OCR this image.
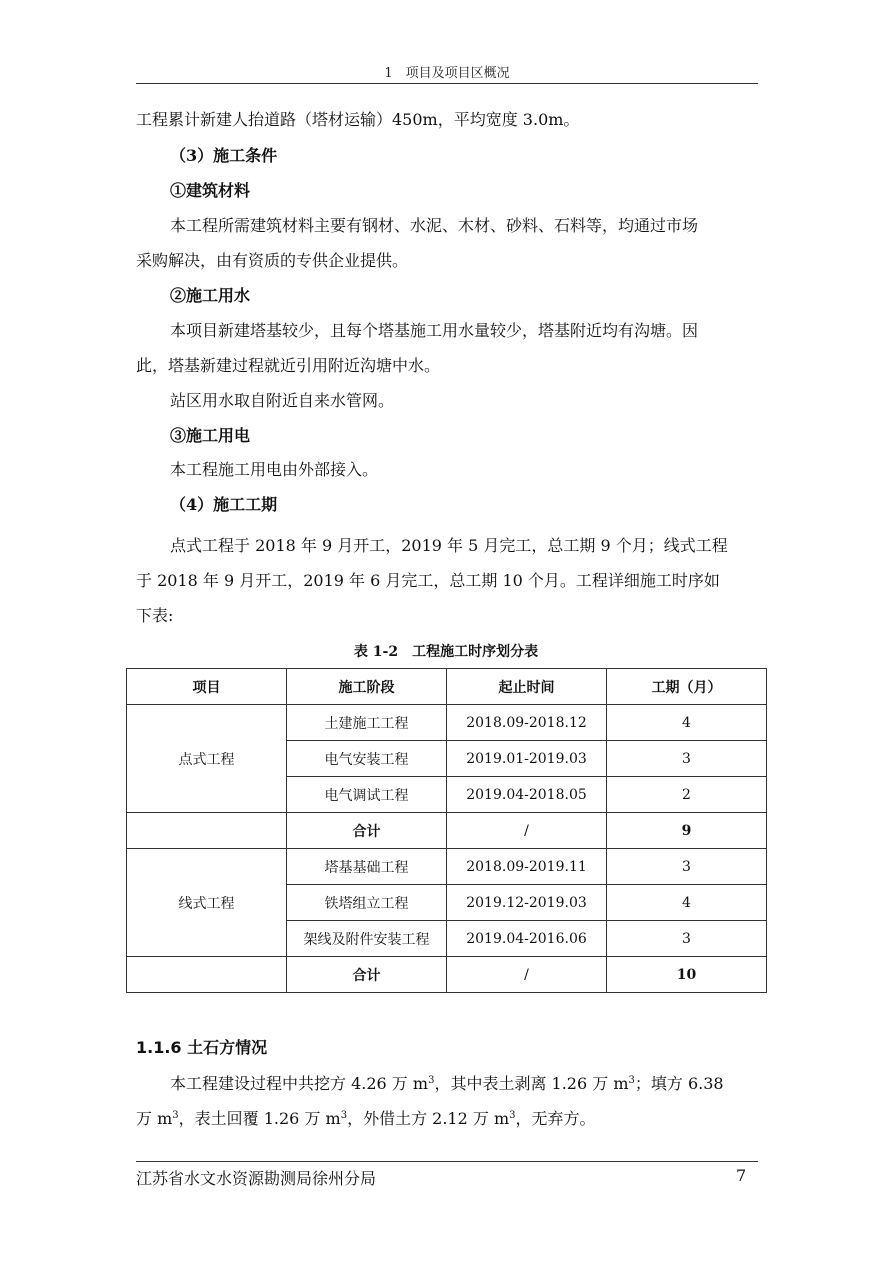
1　项目及项目区概况
工程累计新建人抬道路（塔材运输）450m，平均宽度 3.0m。
（3）施工条件
①建筑材料
本工程所需建筑材料主要有钢材、水泥、木材、砂料、石料等，均通过市场
采购解决，由有资质的专供企业提供。
②施工用水
本项目新建塔基较少，且每个塔基施工用水量较少，塔基附近均有沟塘。因
此，塔基新建过程就近引用附近沟塘中水。
站区用水取自附近自来水管网。
③施工用电
本工程施工用电由外部接入。
（4）施工工期
点式工程于 2018 年 9 月开工，2019 年 5 月完工，总工期 9 个月；线式工程
于 2018 年 9 月开工，2019 年 6 月完工，总工期 10 个月。工程详细施工时序如
下表:
表 1-2　工程施工时序划分表
项目	施工阶段	起止时间	工期（月）
点式工程	土建施工工程	2018.09-2018.12	4
	电气安装工程	2019.01-2019.03	3
	电气调试工程	2019.04-2018.05	2
	合计	/	9
线式工程	塔基基础工程	2018.09-2019.11	3
	铁塔组立工程	2019.12-2019.03	4
	架线及附件安装工程	2019.04-2016.06	3
	合计	/	10
1.1.6 土石方情况
本工程建设过程中共挖方 4.26 万 $m^3$，其中表土剥离 1.26 万 $m^3$；填方 6.38
万 $m^3$，表土回覆 1.26 万 $m^3$，外借土方 2.12 万 $m^3$，无弃方。
江苏省水文水资源勘测局徐州分局	7
